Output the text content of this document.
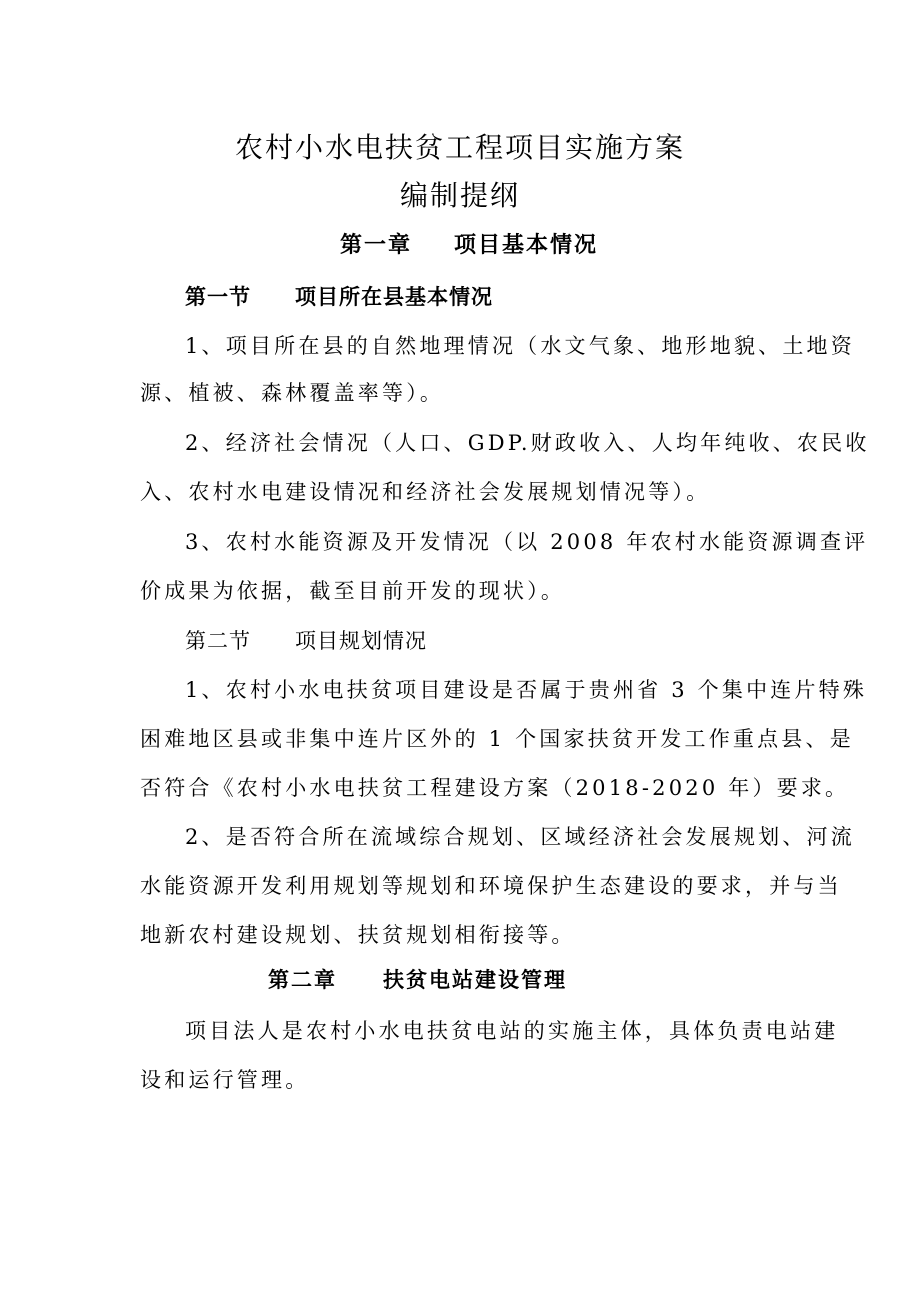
农村小水电扶贫工程项目实施方案
编制提纲
第一章 项目基本情况
第一节 项目所在县基本情况
1、项目所在县的自然地理情况（水文气象、地形地貌、土地资
源、植被、森林覆盖率等）。
2、经济社会情况（人口、GDP.财政收入、人均年纯收、农民收
入、农村水电建设情况和经济社会发展规划情况等）。
3、农村水能资源及开发情况（以 2008 年农村水能资源调查评
价成果为依据，截至目前开发的现状）。
第二节 项目规划情况
1、农村小水电扶贫项目建设是否属于贵州省 3 个集中连片特殊
困难地区县或非集中连片区外的 1 个国家扶贫开发工作重点县、是
否符合《农村小水电扶贫工程建设方案（2018-2020 年）要求。
2、是否符合所在流域综合规划、区域经济社会发展规划、河流
水能资源开发利用规划等规划和环境保护生态建设的要求，并与当
地新农村建设规划、扶贫规划相衔接等。
第二章 扶贫电站建设管理
项目法人是农村小水电扶贫电站的实施主体，具体负责电站建
设和运行管理。
